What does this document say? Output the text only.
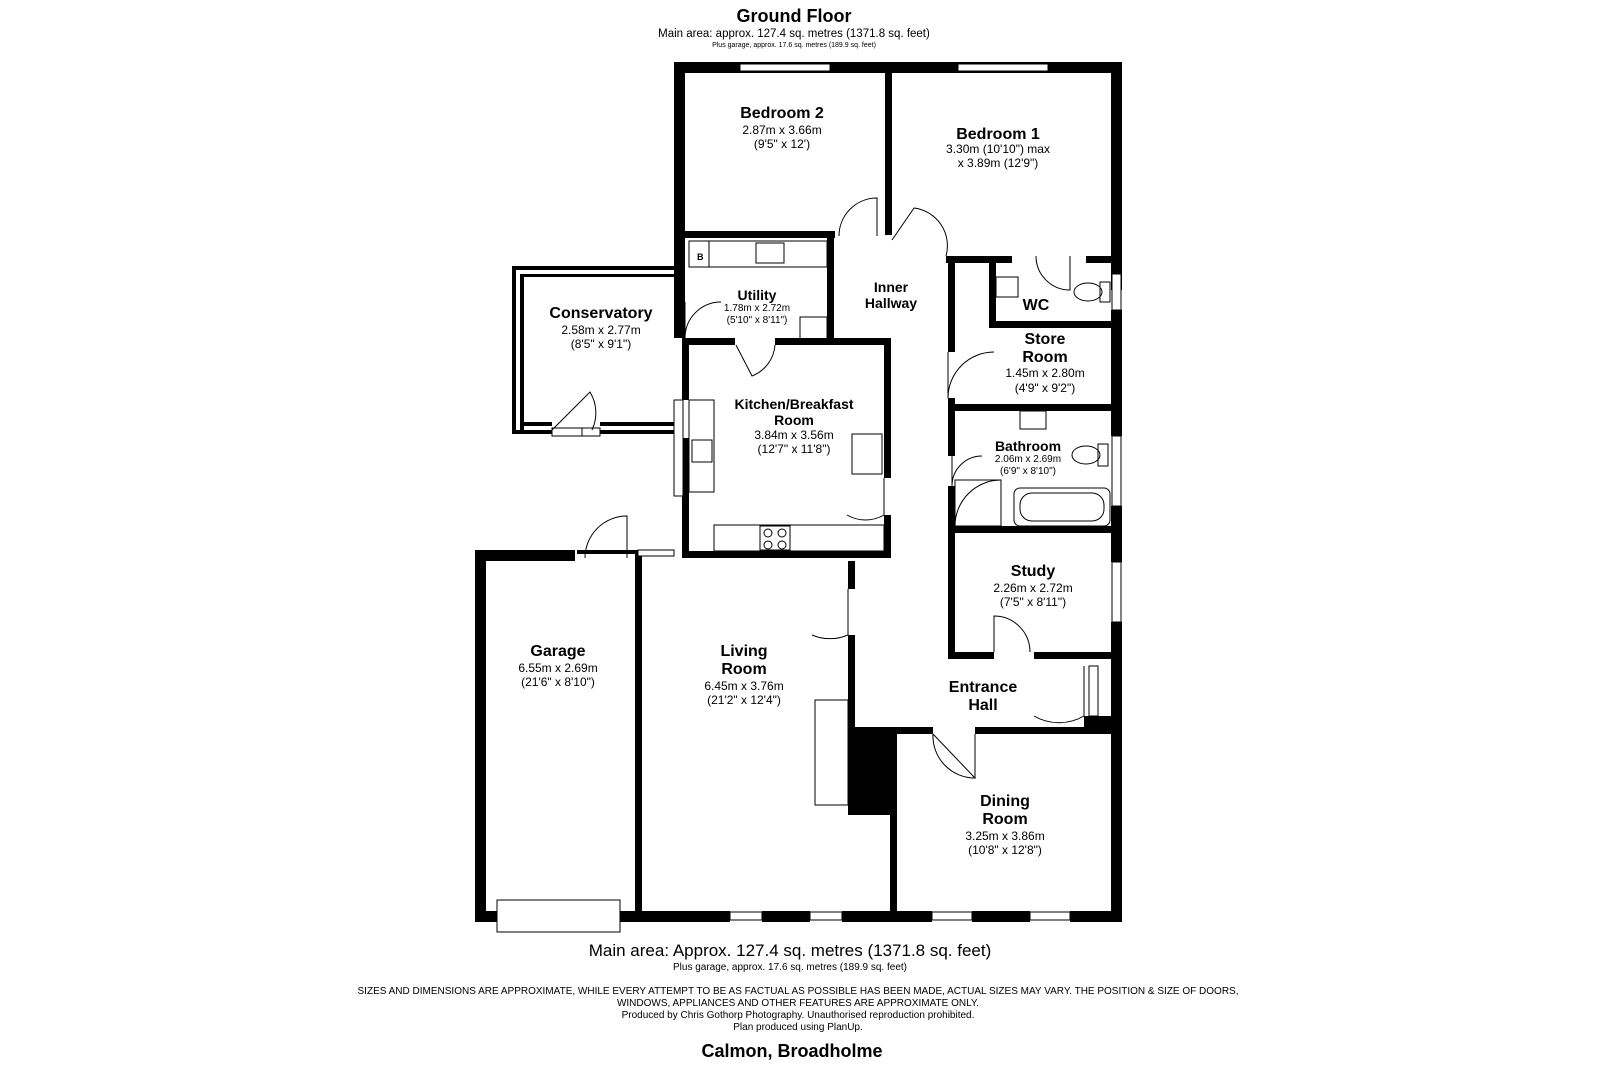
B
Ground Floor
Main area: approx. 127.4 sq. metres (1371.8 sq. feet)
Plus garage, approx. 17.6 sq. metres (189.9 sq. feet)
Bedroom 2
2.87m x 3.66m
(9'5" x 12')
Bedroom 1
3.30m (10'10") max
x 3.89m (12'9")
Inner
Hallway	WC
Utility
1.78m x 2.72m
(5'10" x 8'11")
Conservatory
2.58m x 2.77m
(8'5" x 9'1")	Store
Room
1.45m x 2.80m
(4'9" x 9'2")
Kitchen/Breakfast
Room
3.84m x 3.56m
(12'7" x 11'8")	Bathroom
2.06m x 2.69m
(6'9" x 8'10")
Study
2.26m x 2.72m
(7'5" x 8'11")
Garage
6.55m x 2.69m
(21'6" x 8'10")
Living
Room
6.45m x 3.76m
(21'2" x 12'4")
Entrance
Hall
Dining
Room
3.25m x 3.86m
(10'8" x 12'8")
Main area: Approx. 127.4 sq. metres (1371.8 sq. feet)
Plus garage, approx. 17.6 sq. metres (189.9 sq. feet)
SIZES AND DIMENSIONS ARE APPROXIMATE, WHILE EVERY ATTEMPT TO BE AS FACTUAL AS POSSIBLE HAS BEEN MADE, ACTUAL SIZES MAY VARY. THE POSITION & SIZE OF DOORS,
WINDOWS, APPLIANCES AND OTHER FEATURES ARE APPROXIMATE ONLY.
Produced by Chris Gothorp Photography. Unauthorised reproduction prohibited.
Plan produced using PlanUp.
Calmon, Broadholme
